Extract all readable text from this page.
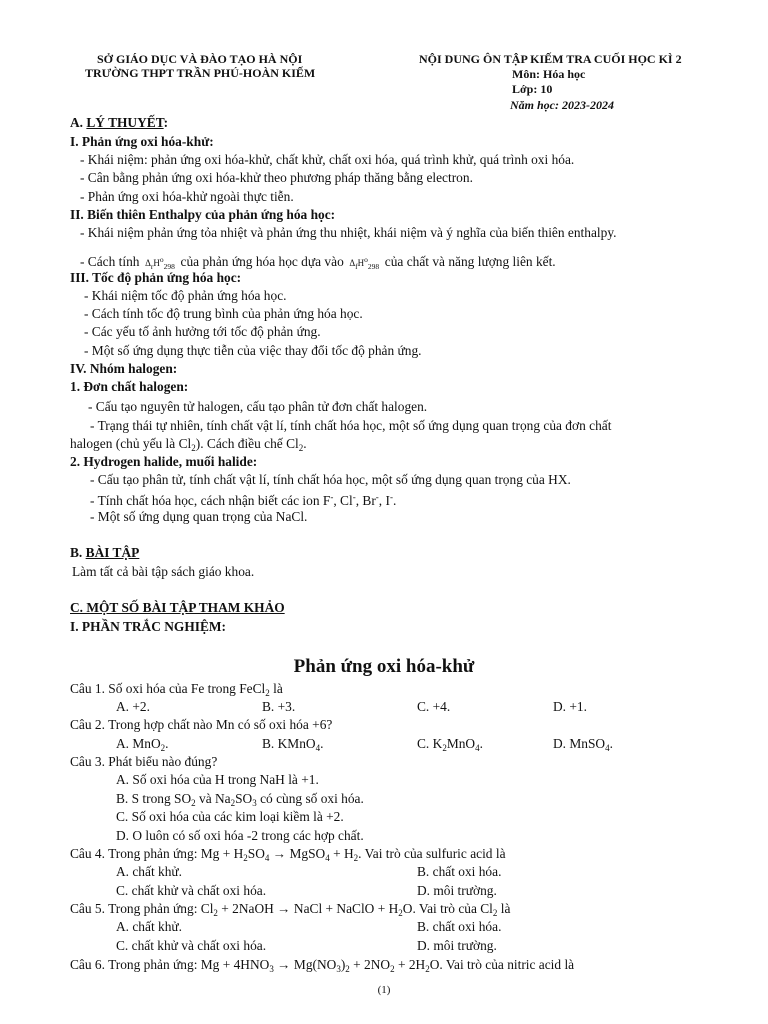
SỞ GIÁO DỤC VÀ ĐÀO TẠO HÀ NỘI
TRƯỜNG THPT TRẦN PHÚ-HOÀN KIẾM
NỘI DUNG ÔN TẬP KIẾM TRA CUỐI HỌC KÌ 2
Môn: Hóa học
Lớp: 10
Năm học: 2023-2024
A. LÝ THUYẾT:
I. Phản ứng oxi hóa-khử:
- Khái niệm: phản ứng oxi hóa-khử, chất khử, chất oxi hóa, quá trình khử, quá trình oxi hóa.
- Cân bằng phản ứng oxi hóa-khử theo phương pháp thăng bằng electron.
- Phản ứng oxi hóa-khử ngoài thực tiễn.
II. Biến thiên Enthalpy của phản ứng hóa học:
- Khái niệm phản ứng tỏa nhiệt và phản ứng thu nhiệt, khái niệm và ý nghĩa của biến thiên enthalpy.
- Cách tính  $\Delta_rH^o_{298}$ của phản ứng hóa học dựa vào  $\Delta_fH^o_{298}$ của chất và năng lượng liên kết.
III. Tốc độ phản ứng hóa học:
- Khái niệm tốc độ phản ứng hóa học.
- Cách tính tốc độ trung bình của phản ứng hóa học.
- Các yếu tố ảnh hưởng tới tốc độ phản ứng.
- Một số ứng dụng thực tiễn của việc thay đổi tốc độ phản ứng.
IV. Nhóm halogen:
1. Đơn chất halogen:
- Cấu tạo nguyên tử halogen, cấu tạo phân tử đơn chất halogen.
- Trạng thái tự nhiên, tính chất vật lí, tính chất hóa học, một số ứng dụng quan trọng của đơn chất
halogen (chủ yếu là $Cl_2$). Cách điều chế $Cl_2$.
2. Hydrogen halide, muối halide:
- Cấu tạo phân tử, tính chất vật lí, tính chất hóa học, một số ứng dụng quan trọng của HX.
- Tính chất hóa học, cách nhận biết các ion F-, Cl-, Br-, I-.
- Một số ứng dụng quan trọng của NaCl.
B. BÀI TẬP
Làm tất cả bài tập sách giáo khoa.
C. MỘT SỐ BÀI TẬP THAM KHẢO
I. PHẦN TRẮC NGHIỆM:
Phản ứng oxi hóa-khử
Câu 1. Số oxi hóa của Fe trong FeCl$_2$ là
A. +2.	B. +3.	C. +4.	D. +1.
Câu 2. Trong hợp chất nào Mn có số oxi hóa +6?
A. MnO$_2$.	B. KMnO$_4$.	C. $K_2MnO_4$.	D. MnSO$_4$.
Câu 3. Phát biểu nào đúng?
A. Số oxi hóa của H trong NaH là +1.
B. S trong $SO_2$ và $Na_2SO_3$ có cùng số oxi hóa.
C. Số oxi hóa của các kim loại kiềm là +2.
D. O luôn có số oxi hóa -2 trong các hợp chất.
Câu 4. Trong phản ứng: $Mg + H_2SO_4$ → MgSO$_4$ + $H_2$. Vai trò của sulfuric acid là
A. chất khử.	B. chất oxi hóa.
C. chất khử và chất oxi hóa.	D. môi trường.
Câu 5. Trong phản ứng: $Cl_2$ + 2NaOH → NaCl + NaClO + $H_2O$. Vai trò của $Cl_2$ là
A. chất khử.	B. chất oxi hóa.
C. chất khử và chất oxi hóa.	D. môi trường.
Câu 6. Trong phản ứng: $Mg + 4HNO_3 \to Mg(NO_3)_2 + 2NO_2 + 2H_2O$. Vai trò của nitric acid là
(1)
